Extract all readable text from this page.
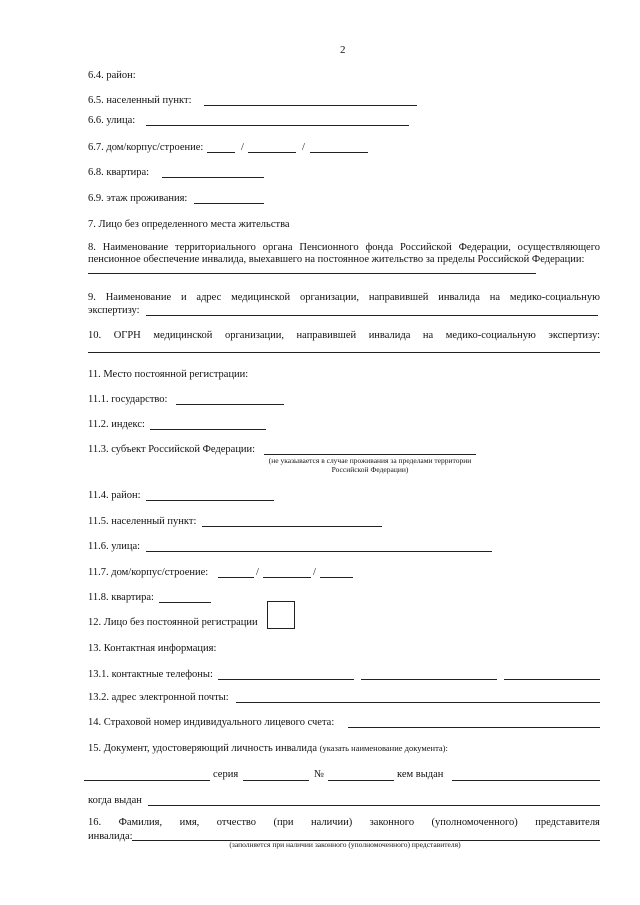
2
6.4. район:
6.5. населенный пункт:
6.6. улица:
6.7. дом/корпус/строение:	/	/
6.8. квартира:
6.9. этаж проживания:
7. Лицо без определенного места жительства
8. Наименование территориального органа Пенсионного фонда Российской Федерации, осуществляющего
пенсионное обеспечение инвалида, выехавшего на постоянное жительство за пределы Российской Федерации:
9. Наименование и адрес медицинской организации, направившей инвалида на медико-социальную
экспертизу:
10. ОГРН медицинской организации, направившей инвалида на медико-социальную экспертизу:
11. Место постоянной регистрации:
11.1. государство:
11.2. индекс:
11.3. субъект Российской Федерации:
(не указывается в случае проживания за пределами территории Российской Федерации)
11.4. район:
11.5. населенный пункт:
11.6. улица:
11.7. дом/корпус/строение:	/	/
11.8. квартира:
12. Лицо без постоянной регистрации
13. Контактная информация:
13.1. контактные телефоны:
13.2. адрес электронной почты:
14. Страховой номер индивидуального лицевого счета:
15. Документ, удостоверяющий личность инвалида (указать наименование документа):
серия	№	кем выдан
когда выдан
16. Фамилия, имя, отчество (при наличии) законного (уполномоченного) представителя
инвалида:
(заполняется при наличии законного (уполномоченного) представителя)
